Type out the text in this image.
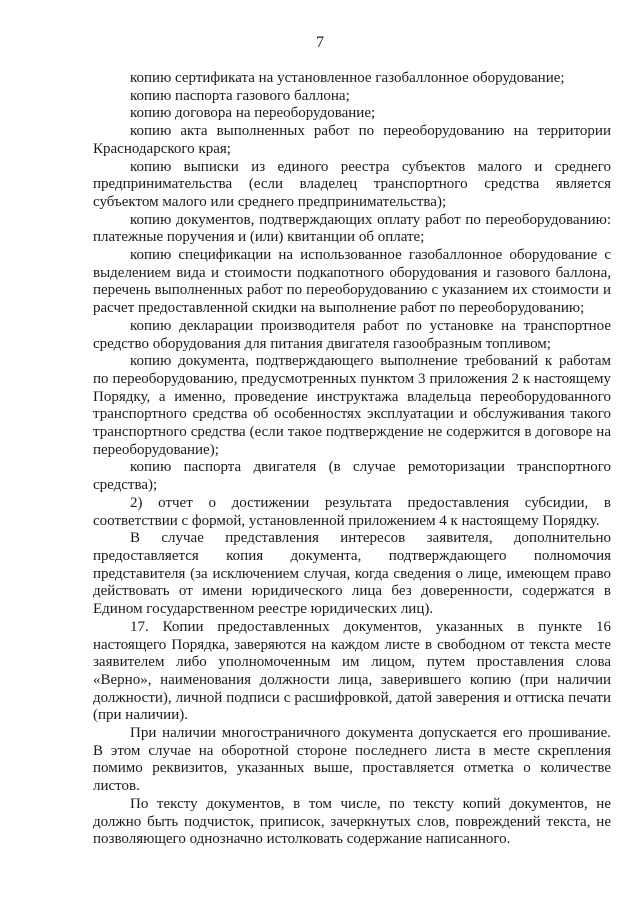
7

копию сертификата на установленное газобаллонное оборудование;

копию паспорта газового баллона;

копию договора на переоборудование;

копию акта выполненных работ по переоборудованию на территории Краснодарского края;

копию выписки из единого реестра субъектов малого и среднего предпринимательства (если владелец транспортного средства является субъектом малого или среднего предпринимательства);

копию документов, подтверждающих оплату работ по переоборудованию: платежные поручения и (или) квитанции об оплате;

копию спецификации на использованное газобаллонное оборудование с выделением вида и стоимости подкапотного оборудования и газового баллона, перечень выполненных работ по переоборудованию с указанием их стоимости и расчет предоставленной скидки на выполнение работ по переоборудованию;

копию декларации производителя работ по установке на транспортное средство оборудования для питания двигателя газообразным топливом;

копию документа, подтверждающего выполнение требований к работам по переоборудованию, предусмотренных пунктом 3 приложения 2 к настоящему Порядку, а именно, проведение инструктажа владельца переоборудованного транспортного средства об особенностях эксплуатации и обслуживания такого транспортного средства (если такое подтверждение не содержится в договоре на переоборудование);

копию паспорта двигателя (в случае ремоторизации транспортного средства);

2) отчет о достижении результата предоставления субсидии, в соответствии с формой, установленной приложением 4 к настоящему Порядку.

В случае представления интересов заявителя, дополнительно предоставляется копия документа, подтверждающего полномочия представителя (за исключением случая, когда сведения о лице, имеющем право действовать от имени юридического лица без доверенности, содержатся в Едином государственном реестре юридических лиц).

17. Копии предоставленных документов, указанных в пункте 16 настоящего Порядка, заверяются на каждом листе в свободном от текста месте заявителем либо уполномоченным им лицом, путем проставления слова «Верно», наименования должности лица, заверившего копию (при наличии должности), личной подписи с расшифровкой, датой заверения и оттиска печати (при наличии).

При наличии многостраничного документа допускается его прошивание. В этом случае на оборотной стороне последнего листа в месте скрепления помимо реквизитов, указанных выше, проставляется отметка о количестве листов.

По тексту документов, в том числе, по тексту копий документов, не должно быть подчисток, приписок, зачеркнутых слов, повреждений текста, не позволяющего однозначно истолковать содержание написанного.
